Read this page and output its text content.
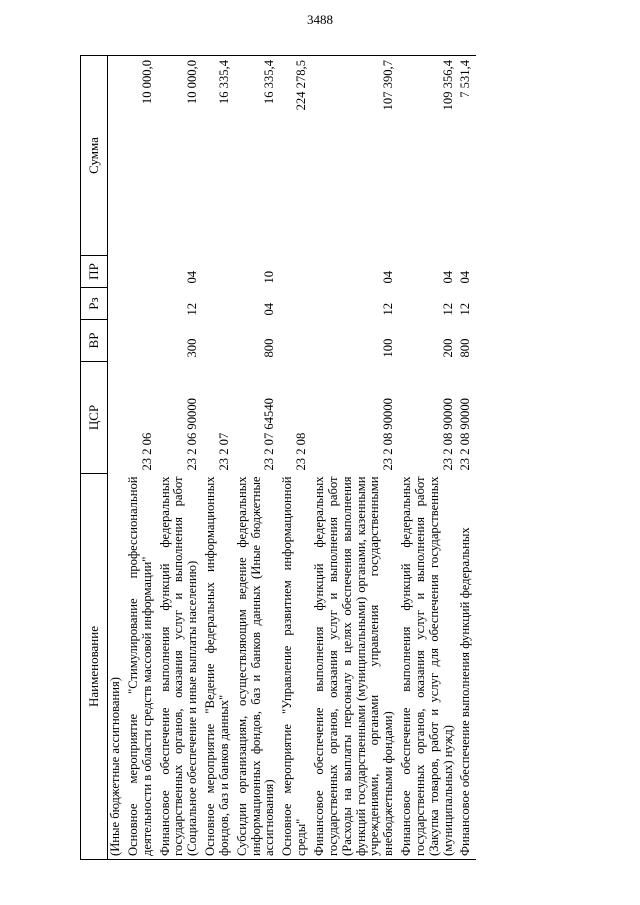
3488
Наименование	ЦСР	ВР	Рз	ПР	Сумма
(Иные бюджетные ассигнования)					
Основное мероприятие "Стимулирование профессиональной деятельности в области средств массовой информации"	23 2 06				10 000,0
Финансовое обеспечение выполнения функций федеральных государственных органов, оказания услуг и выполнения работ (Социальное обеспечение и иные выплаты населению)	23 2 06 90000	300	12	04	10 000,0
Основное мероприятие "Ведение федеральных информационных фондов, баз и банков данных"	23 2 07				16 335,4
Субсидии организациям, осуществляющим ведение федеральных информационных фондов, баз и банков данных (Иные бюджетные ассигнования)	23 2 07 64540	800	04	10	16 335,4
Основное мероприятие "Управление развитием информационной среды"	23 2 08				224 278,5
Финансовое обеспечение выполнения функций федеральных государственных органов, оказания услуг и выполнения работ (Расходы на выплаты персоналу в целях обеспечения выполнения функций государственными (муниципальными) органами, казенными учреждениями, органами управления государственными внебюджетными фондами)	23 2 08 90000	100	12	04	107 390,7
Финансовое обеспечение выполнения функций федеральных государственных органов, оказания услуг и выполнения работ (Закупка товаров, работ и услуг для обеспечения государственных (муниципальных) нужд)	23 2 08 90000	200	12	04	109 356,4
Финансовое обеспечение выполнения функций федеральных	23 2 08 90000	800	12	04	7 531,4
